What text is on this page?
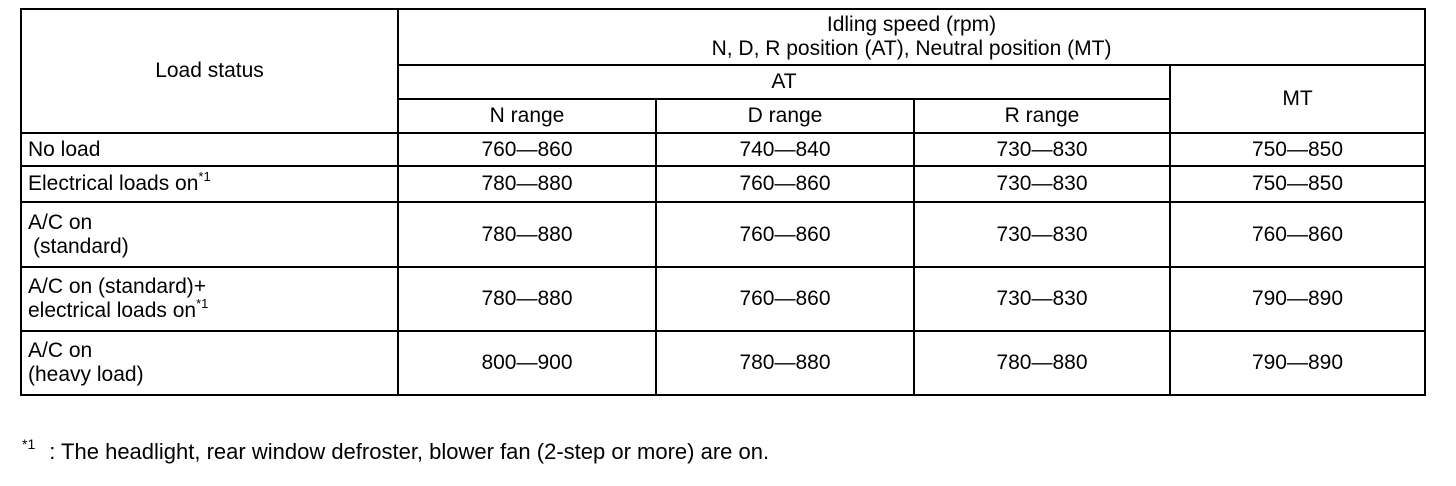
Load status	Idling speed (rpm)
N, D, R position (AT), Neutral position (MT)			

	AT			MT
	N range	D range	R range	
No load	760—860	740—840	730—830	750—850
Electrical loads $on^{*1}$	780—880	760—860	730—830	750—850

A/C on
(standard)	780—880	760—860	730—830	760—860

A/C on (standard)+
electrical loads $on^{*1}$	780—880	760—860	730—830	790—890

A/C on
(heavy load)	800—900	780—880	780—880	790—890
$^{*1}$ : The headlight, rear window defroster, blower fan (2-step or more) are on.
